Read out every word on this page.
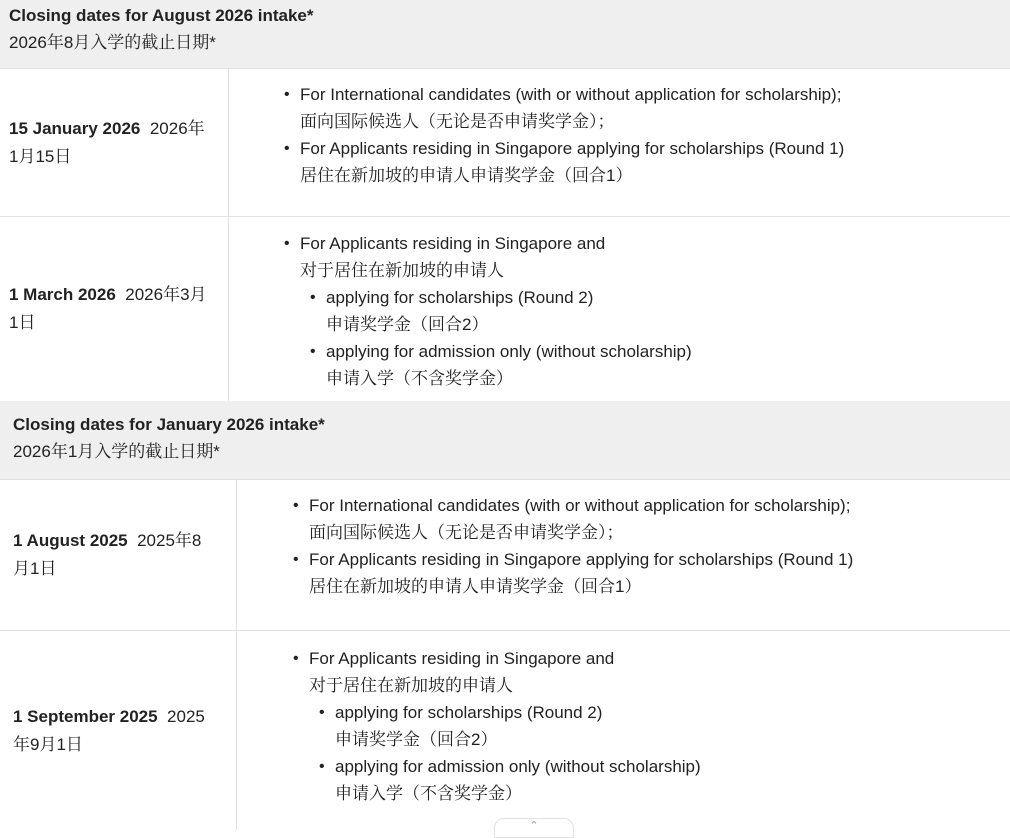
Closing dates for August 2026 intake*
2026年8月入学的截止日期*
15 January 2026 2026年1月15日
• For International candidates (with or without application for scholarship);
面向国际候选人（无论是否申请奖学金）；
• For Applicants residing in Singapore applying for scholarships (Round 1)
居住在新加坡的申请人申请奖学金（回合1）
1 March 2026 2026年3月1日
• For Applicants residing in Singapore and
对于居住在新加坡的申请人
• applying for scholarships (Round 2)
申请奖学金（回合2）
• applying for admission only (without scholarship)
申请入学（不含奖学金）
Closing dates for January 2026 intake*
2026年1月入学的截止日期*
1 August 2025 2025年8月1日
• For International candidates (with or without application for scholarship);
面向国际候选人（无论是否申请奖学金）；
• For Applicants residing in Singapore applying for scholarships (Round 1)
居住在新加坡的申请人申请奖学金（回合1）
1 September 2025 2025年9月1日
• For Applicants residing in Singapore and
对于居住在新加坡的申请人
• applying for scholarships (Round 2)
申请奖学金（回合2）
• applying for admission only (without scholarship)
申请入学（不含奖学金）
⌃
